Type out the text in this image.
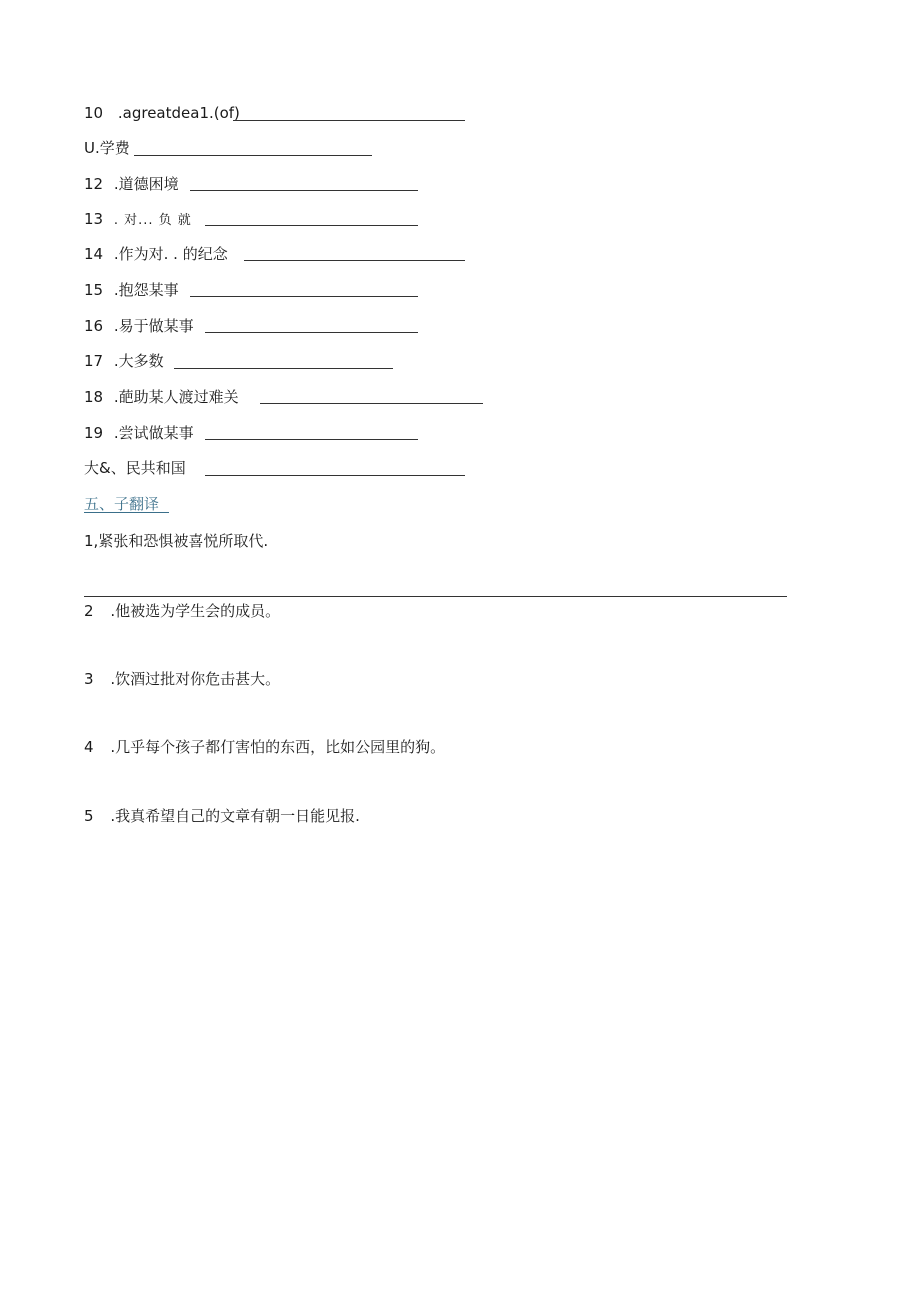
10 .agreatdea1.(of)
U.学费
12 .道德困境
13 . 对... 负 就
14 .作为对. . 的纪念
15 .抱怨某事
16 .易于做某事
17 .大多数
18 .葩助某人渡过难关
19 .尝试做某事
大&、民共和国
五、子翻译
1,紧张和恐惧被喜悦所取代.
2 .他被选为学生会的成员。
3 .饮酒过批对你危击甚大。
4 .几乎每个孩子都仃害怕的东西，比如公园里的狗。
5 .我真希望自己的文章有朝一日能见报.
